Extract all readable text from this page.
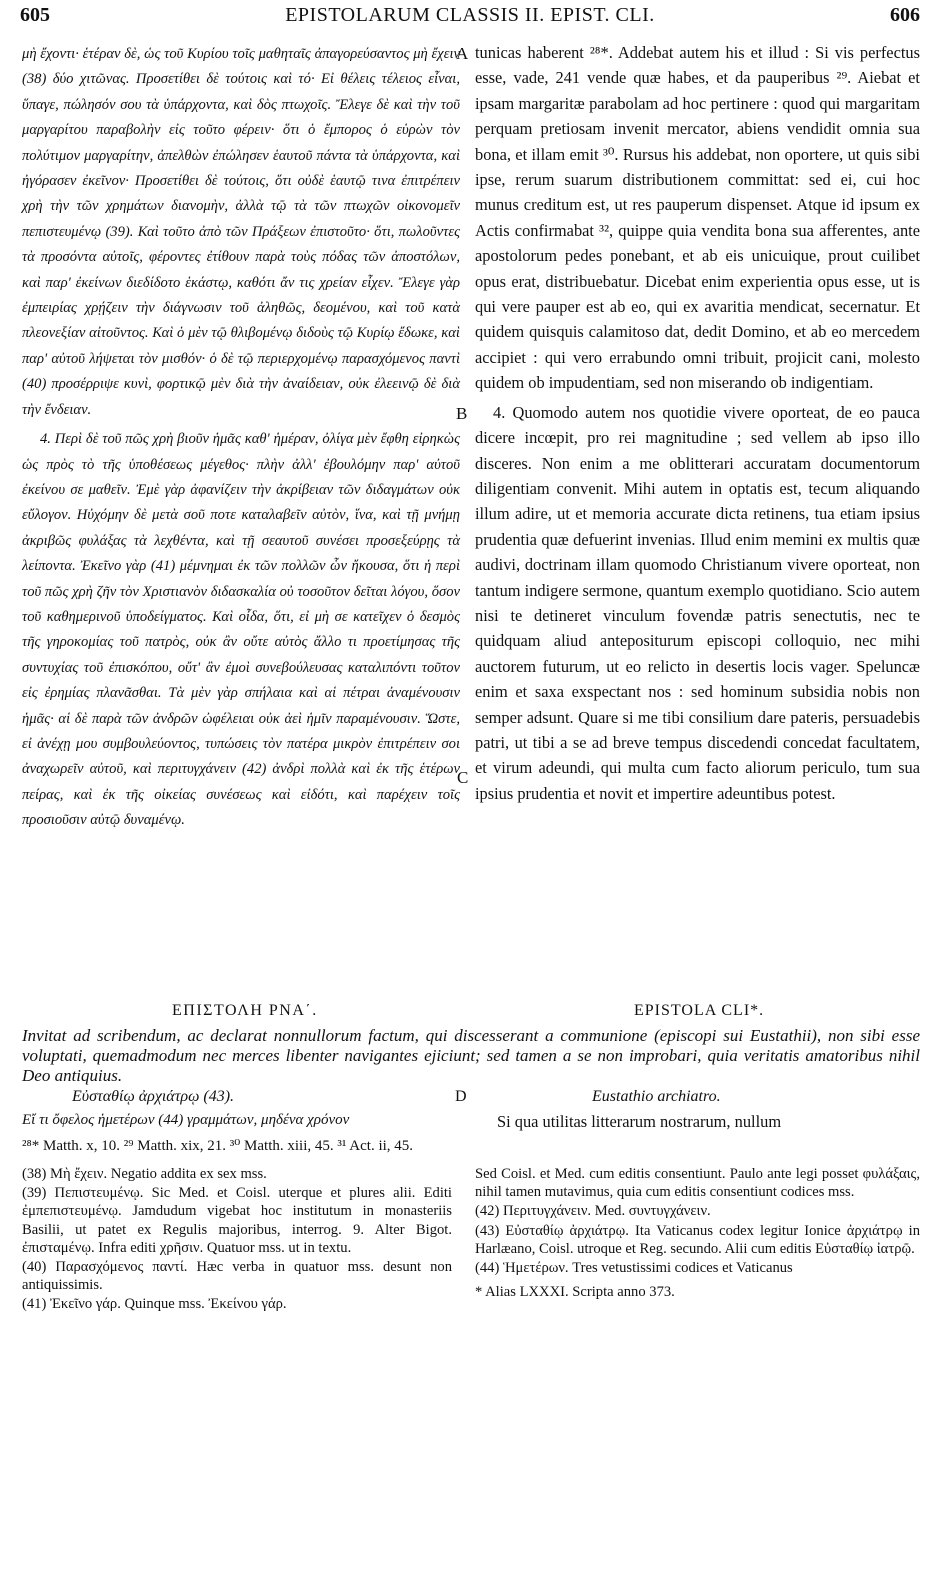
605	EPISTOLARUM CLASSIS II. EPIST. CLI.	606

μὴ ἔχοντι· ἑτέραν δὲ, ὡς τοῦ Κυρίου τοῖς μαθηταῖς ἀπαγορεύσαντος μὴ ἔχειν (38) δύο χιτῶνας. Προσετίθει δὲ τούτοις καὶ τό· Εἰ θέλεις τέλειος εἶναι, ὕπαγε, πώλησόν σου τὰ ὑπάρχοντα, καὶ δὸς πτωχοῖς. Ἔλεγε δὲ καὶ τὴν τοῦ μαργαρίτου παραβολὴν εἰς τοῦτο φέρειν· ὅτι ὁ ἔμπορος ὁ εὑρὼν τὸν πολύτιμον μαργαρίτην, ἀπελθὼν ἐπώλησεν ἑαυτοῦ πάντα τὰ ὑπάρχοντα, καὶ ἠγόρασεν ἐκεῖνον· Προσετίθει δὲ τούτοις, ὅτι οὐδὲ ἑαυτῷ τινα ἐπιτρέπειν χρὴ τὴν τῶν χρημάτων διανομὴν, ἀλλὰ τῷ τὰ τῶν πτωχῶν οἰκονομεῖν πεπιστευμένῳ (39). Καὶ τοῦτο ἀπὸ τῶν Πράξεων ἐπιστοῦτο· ὅτι, πωλοῦντες τὰ προσόντα αὐτοῖς, φέροντες ἐτίθουν παρὰ τοὺς πόδας τῶν ἀποστόλων, καὶ παρ' ἐκείνων διεδίδοτο ἑκάστῳ, καθότι ἄν τις χρείαν εἶχεν. Ἔλεγε γὰρ ἐμπειρίας χρῄζειν τὴν διάγνωσιν τοῦ ἀληθῶς, δεομένου, καὶ τοῦ κατὰ πλεονεξίαν αἰτοῦντος. Καὶ ὁ μὲν τῷ θλιβομένῳ διδοὺς τῷ Κυρίῳ ἔδωκε, καὶ παρ' αὐτοῦ λήψεται τὸν μισθόν· ὁ δὲ τῷ περιερχομένῳ παρασχόμενος παντὶ (40) προσέρριψε κυνὶ, φορτικῷ μὲν διὰ τὴν ἀναίδειαν, οὐκ ἐλεεινῷ δὲ διὰ τὴν ἔνδειαν.

4. Περὶ δὲ τοῦ πῶς χρὴ βιοῦν ἡμᾶς καθ' ἡμέραν, ὀλίγα μὲν ἔφθη εἰρηκὼς ὡς πρὸς τὸ τῆς ὑποθέσεως μέγεθος· πλὴν ἀλλ' ἐβουλόμην παρ' αὐτοῦ ἐκείνου σε μαθεῖν. Ἐμὲ γὰρ ἀφανίζειν τὴν ἀκρίβειαν τῶν διδαγμάτων οὐκ εὔλογον. Ηὐχόμην δὲ μετὰ σοῦ ποτε καταλαβεῖν αὐτὸν, ἵνα, καὶ τῇ μνήμῃ ἀκριβῶς φυλάξας τὰ λεχθέντα, καὶ τῇ σεαυτοῦ συνέσει προσεξεύρῃς τὰ λείποντα. Ἐκεῖνο γὰρ (41) μέμνημαι ἐκ τῶν πολλῶν ὧν ἤκουσα, ὅτι ἡ περὶ τοῦ πῶς χρὴ ζῆν τὸν Χριστιανὸν διδασκαλία οὐ τοσοῦτον δεῖται λόγου, ὅσον τοῦ καθημερινοῦ ὑποδείγματος. Καὶ οἶδα, ὅτι, εἰ μὴ σε κατεῖχεν ὁ δεσμὸς τῆς γηροκομίας τοῦ πατρὸς, οὐκ ἂν οὔτε αὐτὸς ἄλλο τι προετίμησας τῆς συντυχίας τοῦ ἐπισκόπου, οὔτ' ἂν ἐμοὶ συνεβούλευσας καταλιπόντι τοῦτον εἰς ἐρημίας πλανᾶσθαι. Τὰ μὲν γὰρ σπήλαια καὶ αἱ πέτραι ἀναμένουσιν ἡμᾶς· αἱ δὲ παρὰ τῶν ἀνδρῶν ὠφέλειαι οὐκ ἀεὶ ἡμῖν παραμένουσιν. Ὥστε, εἰ ἀνέχῃ μου συμβουλεύοντος, τυπώσεις τὸν πατέρα μικρὸν ἐπιτρέπειν σοι ἀναχωρεῖν αὐτοῦ, καὶ περιτυγχάνειν (42) ἀνδρὶ πολλὰ καὶ ἐκ τῆς ἑτέρων πείρας, καὶ ἐκ τῆς οἰκείας συνέσεως καὶ εἰδότι, καὶ παρέχειν τοῖς προσιοῦσιν αὐτῷ δυναμένῳ.

A
B
C

tunicas haberent ²⁸*. Addebat autem his et illud : Si vis perfectus esse, vade, 241 vende quæ habes, et da pauperibus ²⁹. Aiebat et ipsam margaritæ parabolam ad hoc pertinere : quod qui margaritam perquam pretiosam invenit mercator, abiens vendidit omnia sua bona, et illam emit ³⁰. Rursus his addebat, non oportere, ut quis sibi ipse, rerum suarum distributionem committat: sed ei, cui hoc munus creditum est, ut res pauperum dispenset. Atque id ipsum ex Actis confirmabat ³², quippe quia vendita bona sua afferentes, ante apostolorum pedes ponebant, et ab eis unicuique, prout cuilibet opus erat, distribuebatur. Dicebat enim experientia opus esse, ut is qui vere pauper est ab eo, qui ex avaritia mendicat, secernatur. Et quidem quisquis calamitoso dat, dedit Domino, et ab eo mercedem accipiet : qui vero errabundo omni tribuit, projicit cani, molesto quidem ob impudentiam, sed non miserando ob indigentiam.

4. Quomodo autem nos quotidie vivere oporteat, de eo pauca dicere incœpit, pro rei magnitudine ; sed vellem ab ipso illo disceres. Non enim a me oblitterari accuratam documentorum diligentiam convenit. Mihi autem in optatis est, tecum aliquando illum adire, ut et memoria accurate dicta retinens, tua etiam ipsius prudentia quæ defuerint invenias. Illud enim memini ex multis quæ audivi, doctrinam illam quomodo Christianum vivere oporteat, non tantum indigere sermone, quantum exemplo quotidiano. Scio autem nisi te detineret vinculum fovendæ patris senectutis, nec te quidquam aliud antepositurum episcopi colloquio, nec mihi auctorem futurum, ut eo relicto in desertis locis vager. Speluncæ enim et saxa exspectant nos : sed hominum subsidia nobis non semper adsunt. Quare si me tibi consilium dare pateris, persuadebis patri, ut tibi a se ad breve tempus discedendi concedat facultatem, et virum adeundi, qui multa cum facto aliorum periculo, tum sua ipsius prudentia et novit et impertire adeuntibus potest.

ΕΠΙΣΤΟΛΗ ΡΝΑ΄.	EPISTOLA CLI*.
Invitat ad scribendum, ac declarat nonnullorum factum, qui discesserant a communione (episcopi sui Eustathii), non sibi esse voluptati, quemadmodum nec merces libenter navigantes ejiciunt; sed tamen a se non improbari, quia veritatis amatoribus nihil Deo antiquius.
Εὐσταθίῳ ἀρχιάτρῳ (43).	D	Eustathio archiatro.
Εἴ τι ὄφελος ἡμετέρων (44) γραμμάτων, μηδένα χρόνον	Si qua utilitas litterarum nostrarum, nullum
²⁸* Matth. x, 10. ²⁹ Matth. xix, 21. ³⁰ Matth. xiii, 45. ³¹ Act. ii, 45.

(38) Μὴ ἔχειν. Negatio addita ex sex mss.

(39) Πεπιστευμένῳ. Sic Med. et Coisl. uterque et plures alii. Editi ἐμπεπιστευμένῳ. Jamdudum vigebat hoc institutum in monasteriis Basilii, ut patet ex Regulis majoribus, interrog. 9. Alter Bigot. ἐπισταμένῳ. Infra editi χρῆσιν. Quatuor mss. ut in textu.

(40) Παρασχόμενος παντί. Hæc verba in quatuor mss. desunt non antiquissimis.

(41) Ἐκεῖνο γάρ. Quinque mss. Ἐκείνου γάρ.

Sed Coisl. et Med. cum editis consentiunt. Paulo ante legi posset φυλάξαις, nihil tamen mutavimus, quia cum editis consentiunt codices mss.

(42) Περιτυγχάνειν. Med. συντυγχάνειν.

(43) Εὐσταθίῳ ἀρχιάτρῳ. Ita Vaticanus codex legitur Ionice ἀρχιάτρῳ in Harlæano, Coisl. utroque et Reg. secundo. Alii cum editis Εὐσταθίῳ ἰατρῷ.

(44) Ἡμετέρων. Tres vetustissimi codices et Vaticanus

* Alias LXXXI. Scripta anno 373.
